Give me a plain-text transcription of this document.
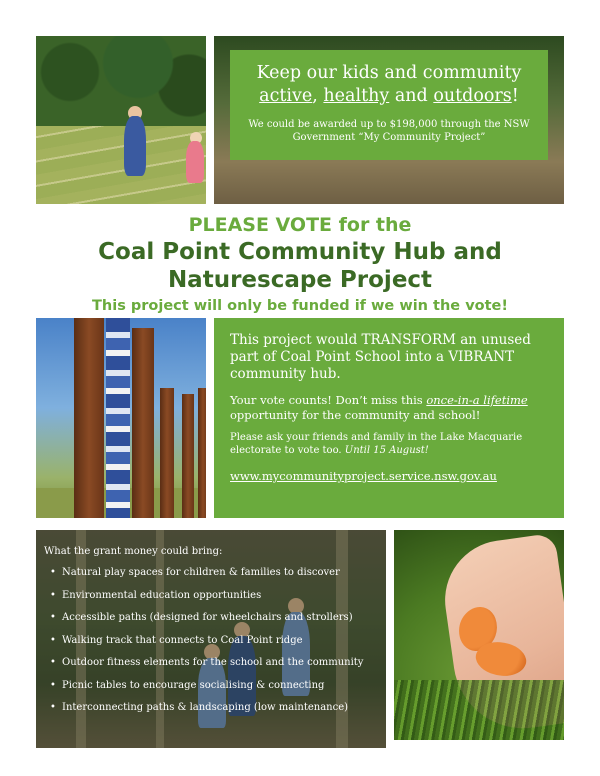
Keep our kids and community
active, healthy and outdoors!

We could be awarded up to $198,000 through the NSW Government “My Community Project”

PLEASE VOTE for the
Coal Point Community Hub and
Naturescape Project
This project will only be funded if we win the vote!

This project would TRANSFORM an unused part of Coal Point School into a VIBRANT community hub.

Your vote counts! Don’t miss this once-in-a lifetime opportunity for the community and school!

Please ask your friends and family in the Lake Macquarie electorate to vote too. Until 15 August!

www.mycommunityproject.service.nsw.gov.au
What the grant money could bring:
• Natural play spaces for children & families to discover
• Environmental education opportunities
• Accessible paths (designed for wheelchairs and strollers)
• Walking track that connects to Coal Point ridge
• Outdoor fitness elements for the school and the community
• Picnic tables to encourage socialising & connecting
• Interconnecting paths & landscaping (low maintenance)
